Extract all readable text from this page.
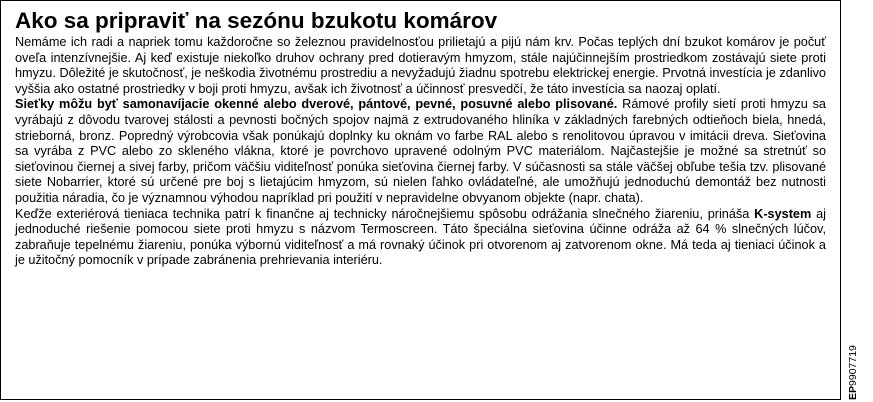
Ako sa pripraviť na sezónu bzukotu komárov

Nemáme ich radi a napriek tomu každoročne so železnou pravidelnosťou prilietajú a pijú nám krv. Počas teplých dní bzukot komárov je počuť oveľa intenzívnejšie. Aj keď existuje niekoľko druhov ochrany pred dotieravým hmyzom, stále najúčinnejším prostriedkom zostávajú siete proti hmyzu. Dôležité je skutočnosť, je neškodia životnému prostrediu a nevyžadujú žiadnu spotrebu elektrickej energie. Prvotná investícia je zdanlivo vyššia ako ostatné prostriedky v boji proti hmyzu, avšak ich životnosť a účinnosť presvedčí, že táto investícia sa naozaj oplatí.

Sieťky môžu byť samonavíjacie okenné alebo dverové, pántové, pevné, posuvné alebo plisované. Rámové profily sietí proti hmyzu sa vyrábajú z dôvodu tvarovej stálosti a pevnosti bočných spojov najmä z extrudovaného hliníka v základných farebných odtieňoch biela, hnedá, strieborná, bronz. Popredný výrobcovia však ponúkajú doplnky ku oknám vo farbe RAL alebo s renolitovou úpravou v imitácii dreva. Sieťovina sa vyrába z PVC alebo zo skleného vlákna, ktoré je povrchovo upravené odolným PVC materiálom. Najčastejšie je možné sa stretnúť so sieťovinou čiernej a sivej farby, pričom väčšiu viditeľnosť ponúka sieťovina čiernej farby. V súčasnosti sa stále väčšej obľube tešia tzv. plisované siete Nobarrier, ktoré sú určené pre boj s lietajúcim hmyzom, sú nielen ľahko ovládateľné, ale umožňujú jednoduchú demontáž bez nutnosti použitia náradia, čo je významnou výhodou napríklad pri použití v nepravidelne obvyanom objekte (napr. chata).

Keďže exteriérová tieniaca technika patrí k finančne aj technicky náročnejšiemu spôsobu odrážania slnečného žiareniu, prináša K-system aj jednoduché riešenie pomocou siete proti hmyzu s názvom Termoscreen. Táto špeciálna sieťovina účinne odráža až 64 % slnečných lúčov, zabraňuje tepelnému žiareniu, ponúka výbornú viditeľnosť a má rovnaký účinok pri otvorenom aj zatvorenom okne. Má teda aj tieniaci účinok a je užitočný pomocník v prípade zabránenia prehrievania interiéru.

EP9907719
